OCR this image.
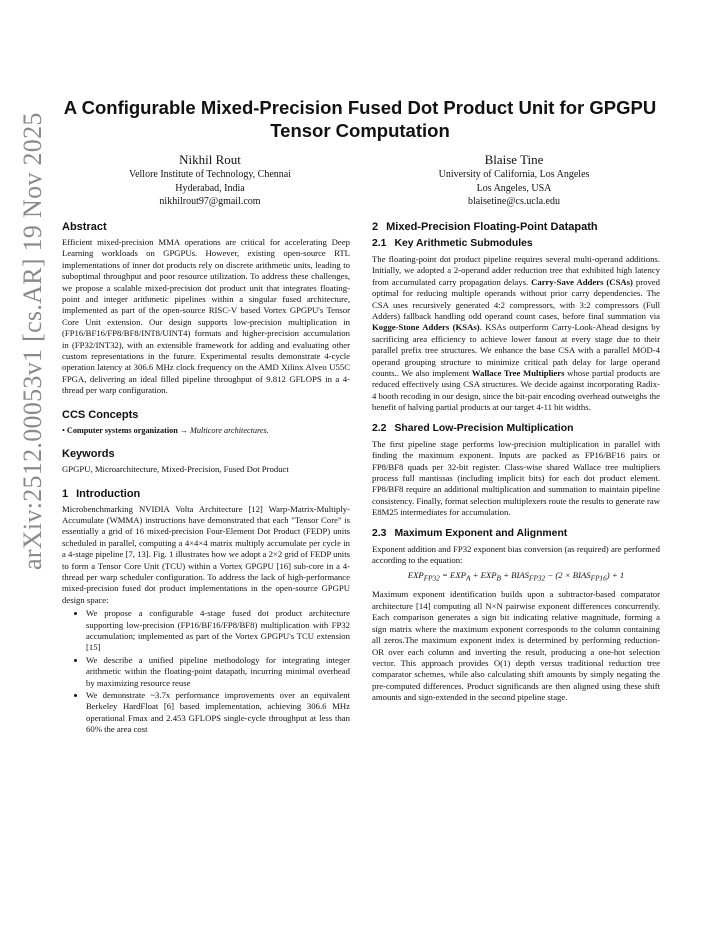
arXiv:2512.00053v1 [cs.AR] 19 Nov 2025
A Configurable Mixed-Precision Fused Dot Product Unit for GPGPU Tensor Computation
Nikhil Rout
Vellore Institute of Technology, Chennai
Hyderabad, India
nikhilrout97@gmail.com
Blaise Tine
University of California, Los Angeles
Los Angeles, USA
blaisetine@cs.ucla.edu
Abstract

Efficient mixed-precision MMA operations are critical for accelerating Deep Learning workloads on GPGPUs. However, existing open-source RTL implementations of inner dot products rely on discrete arithmetic units, leading to suboptimal throughput and poor resource utilization. To address these challenges, we propose a scalable mixed-precision dot product unit that integrates floating-point and integer arithmetic pipelines within a singular fused architecture, implemented as part of the open-source RISC-V based Vortex GPGPU's Tensor Core Unit extension. Our design supports low-precision multiplication in (FP16/BF16/FP8/BF8/INT8/UINT4) formats and higher-precision accumulation in (FP32/INT32), with an extensible framework for adding and evaluating other custom representations in the future. Experimental results demonstrate 4-cycle operation latency at 306.6 MHz clock frequency on the AMD Xilinx Alveo U55C FPGA, delivering an ideal filled pipeline throughput of 9.812 GFLOPS in a 4-thread per warp configuration.

CCS Concepts

• Computer systems organization → Multicore architectures.

Keywords

GPGPU, Microarchitecture, Mixed-Precision, Fused Dot Product

1 Introduction

Microbenchmarking NVIDIA Volta Architecture [12] Warp-Matrix-Multiply-Accumulate (WMMA) instructions have demonstrated that each "Tensor Core" is essentially a grid of 16 mixed-precision Four-Element Dot Product (FEDP) units scheduled in parallel, computing a 4×4×4 matrix multiply accumulate per cycle in a 4-stage pipeline [7, 13]. Fig. 1 illustrates how we adopt a 2×2 grid of FEDP units to form a Tensor Core Unit (TCU) within a Vortex GPGPU [16] sub-core in a 4-thread per warp scheduler configuration. To address the lack of high-performance mixed-precision fused dot product implementations in the open-source GPGPU design space:

• We propose a configurable 4-stage fused dot product architecture supporting low-precision (FP16/BF16/FP8/BF8) multiplication with FP32 accumulation; implemented as part of the Vortex GPGPU's TCU extension [15]
• We describe a unified pipeline methodology for integrating integer arithmetic within the floating-point datapath, incurring minimal overhead by maximizing resource reuse
• We demonstrate ~3.7x performance improvements over an equivalent Berkeley HardFloat [6] based implementation, achieving 306.6 MHz operational Fmax and 2.453 GFLOPS single-cycle throughput at less than 60% the area cost
2 Mixed-Precision Floating-Point Datapath
2.1 Key Arithmetic Submodules

The floating-point dot product pipeline requires several multi-operand additions. Initially, we adopted a 2-operand adder reduction tree that exhibited high latency from accumulated carry propagation delays. Carry-Save Adders (CSAs) proved optimal for reducing multiple operands without prior carry dependencies. The CSA uses recursively generated 4:2 compressors, with 3:2 compressors (Full Adders) fallback handling odd operand count cases, before final summation via Kogge-Stone Adders (KSAs). KSAs outperform Carry-Look-Ahead designs by sacrificing area efficiency to achieve lower fanout at every stage due to their parallel prefix tree structures. We enhance the base CSA with a parallel MOD-4 operand grouping structure to minimize critical path delay for large operand counts.. We also implement Wallace Tree Multipliers whose partial products are reduced effectively using CSA structures. We decide against incorporating Radix-4 booth recoding in our design, since the bit-pair encoding overhead outweighs the benefit of halving partial products at our target 4-11 bit widths.

2.2 Shared Low-Precision Multiplication

The first pipeline stage performs low-precision multiplication in parallel with finding the maximum exponent. Inputs are packed as FP16/BF16 pairs or FP8/BF8 quads per 32-bit register. Class-wise shared Wallace tree multipliers process full mantissas (including implicit bits) for each dot product element. FP8/BF8 require an additional multiplication and summation to maintain pipeline consistency. Finally, format selection multiplexers route the results to generate raw E8M25 intermediates for accumulation.

2.3 Maximum Exponent and Alignment

Exponent addition and FP32 exponent bias conversion (as required) are performed according to the equation:

$EXP_{FP32} = EXP_A + EXP_B$ + $BIAS_{FP32} - (2$ × $BIAS_{FP16}) + 1$

Maximum exponent identification builds upon a subtractor-based comparator architecture [14] computing all N×N pairwise exponent differences concurrently. Each comparison generates a sign bit indicating relative magnitude, forming a sign matrix where the maximum exponent corresponds to the column containing all zeros.The maximum exponent index is determined by performing reduction-OR over each column and inverting the result, producing a one-hot selection vector. This approach provides O(1) depth versus traditional reduction tree comparator schemes, while also calculating shift amounts by simply negating the pre-computed differences. Product significands are then aligned using these shift amounts and sign-extended in the second pipeline stage.
